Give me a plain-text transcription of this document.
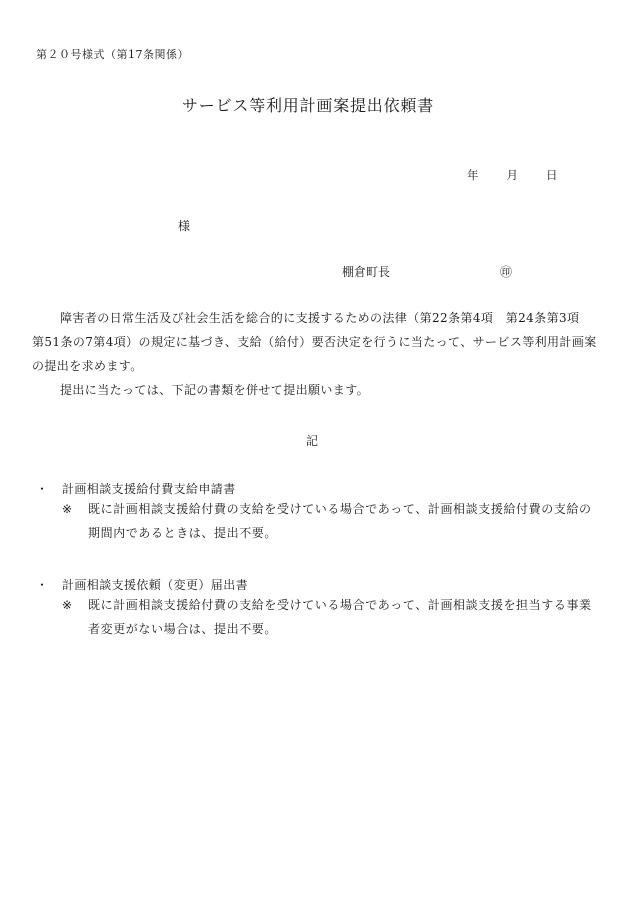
第２０号様式（第17条関係）
サービス等利用計画案提出依頼書
年 月 日
様
棚倉町長	㊞
障害者の日常生活及び社会生活を総合的に支援するための法律（第22条第4項　第24条第3項　第51条の7第4項）の規定に基づき、支給（給付）要否決定を行うに当たって、サービス等利用計画案の提出を求めます。
提出に当たっては、下記の書類を併せて提出願います。
記
・ 計画相談支援給付費支給申請書
※	既に計画相談支援給付費の支給を受けている場合であって、計画相談支援給付費の支給の期間内であるときは、提出不要。
・ 計画相談支援依頼（変更）届出書
※	既に計画相談支援給付費の支給を受けている場合であって、計画相談支援を担当する事業者変更がない場合は、提出不要。
